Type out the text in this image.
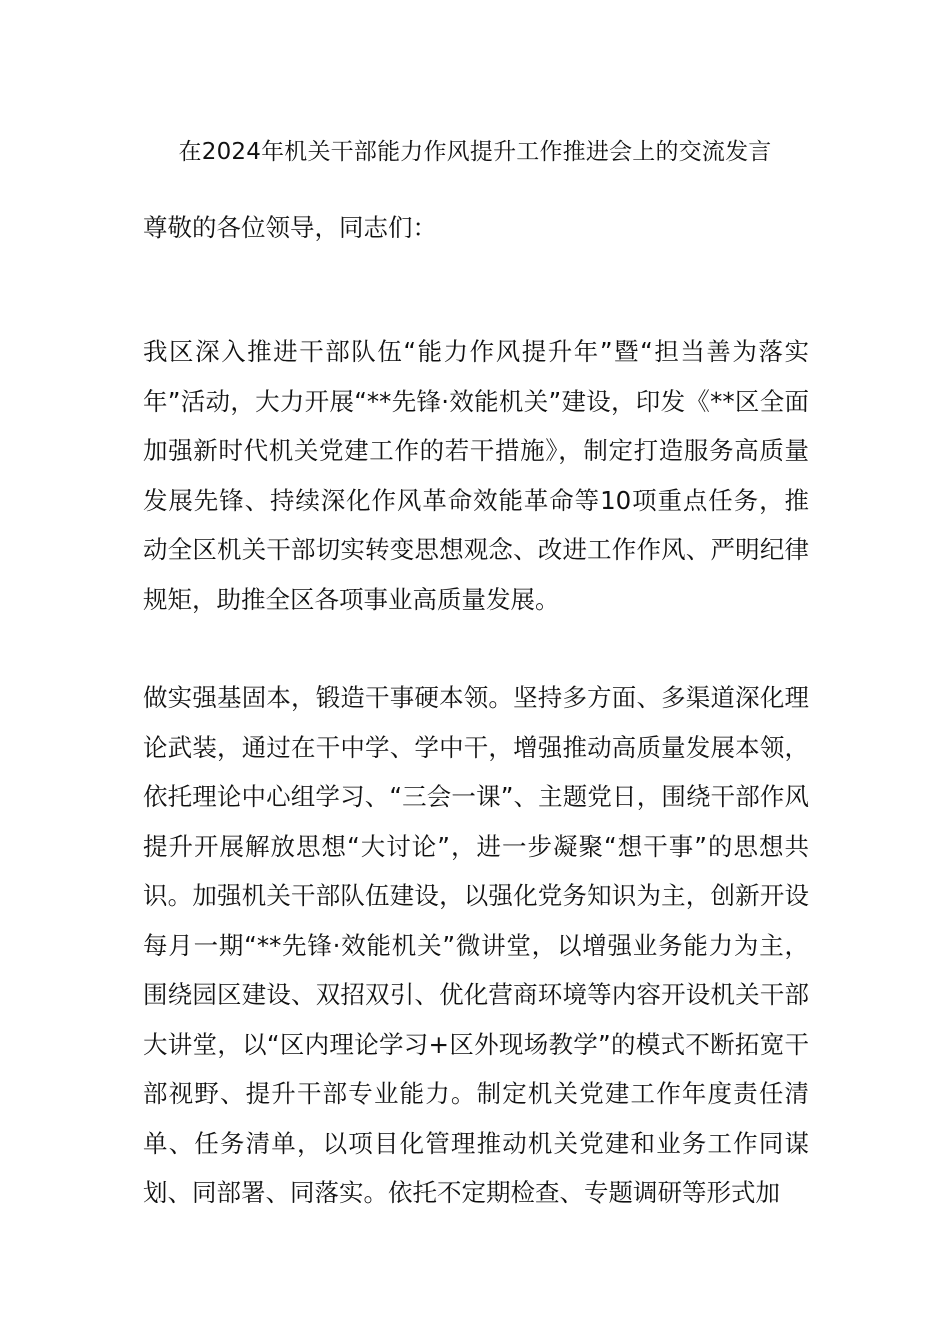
在2024年机关干部能力作风提升工作推进会上的交流发言

尊敬的各位领导，同志们：

我区深入推进干部队伍“能力作风提升年”暨“担当善为落实年”活动，大力开展“**先锋·效能机关”建设，印发《**区全面加强新时代机关党建工作的若干措施》，制定打造服务高质量发展先锋、持续深化作风革命效能革命等10项重点任务，推动全区机关干部切实转变思想观念、改进工作作风、严明纪律规矩，助推全区各项事业高质量发展。

做实强基固本，锻造干事硬本领。坚持多方面、多渠道深化理论武装，通过在干中学、学中干，增强推动高质量发展本领，依托理论中心组学习、“三会一课”、主题党日，围绕干部作风提升开展解放思想“大讨论”，进一步凝聚“想干事”的思想共识。加强机关干部队伍建设，以强化党务知识为主，创新开设每月一期“**先锋·效能机关”微讲堂，以增强业务能力为主，围绕园区建设、双招双引、优化营商环境等内容开设机关干部大讲堂，以“区内理论学习+区外现场教学”的模式不断拓宽干部视野、提升干部专业能力。制定机关党建工作年度责任清单、任务清单，以项目化管理推动机关党建和业务工作同谋划、同部署、同落实。依托不定期检查、专题调研等形式加
